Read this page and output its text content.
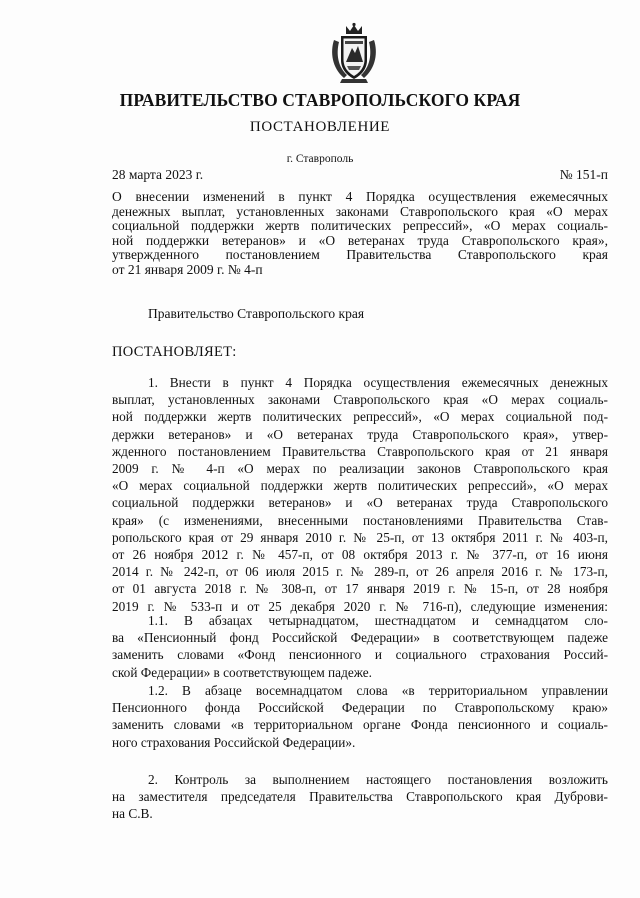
ПРАВИТЕЛЬСТВО СТАВРОПОЛЬСКОГО КРАЯ
ПОСТАНОВЛЕНИЕ
г. Ставрополь
28 марта 2023 г.	№ 151-п
О внесении изменений в пункт 4 Порядка осуществления ежемесячных
денежных выплат, установленных законами Ставропольского края «О мерах
социальной поддержки жертв политических репрессий», «О мерах социаль-
ной поддержки ветеранов» и «О ветеранах труда Ставропольского края»,
утвержденного постановлением Правительства Ставропольского края
от 21 января 2009 г. № 4-п
Правительство Ставропольского края
ПОСТАНОВЛЯЕТ:
1. Внести в пункт 4 Порядка осуществления ежемесячных денежных
выплат, установленных законами Ставропольского края «О мерах социаль-
ной поддержки жертв политических репрессий», «О мерах социальной под-
держки ветеранов» и «О ветеранах труда Ставропольского края», утвер-
жденного постановлением Правительства Ставропольского края от 21 января
2009 г. № 4-п «О мерах по реализации законов Ставропольского края
«О мерах социальной поддержки жертв политических репрессий», «О мерах
социальной поддержки ветеранов» и «О ветеранах труда Ставропольского
края» (с изменениями, внесенными постановлениями Правительства Став-
ропольского края от 29 января 2010 г. № 25-п, от 13 октября 2011 г. № 403-п,
от 26 ноября 2012 г. № 457-п, от 08 октября 2013 г. № 377-п, от 16 июня
2014 г. № 242-п, от 06 июля 2015 г. № 289-п, от 26 апреля 2016 г. № 173-п,
от 01 августа 2018 г. № 308-п, от 17 января 2019 г. № 15-п, от 28 ноября
2019 г. № 533-п и от 25 декабря 2020 г. № 716-п), следующие изменения:
1.1. В абзацах четырнадцатом, шестнадцатом и семнадцатом сло-
ва «Пенсионный фонд Российской Федерации» в соответствующем падеже
заменить словами «Фонд пенсионного и социального страхования Россий-
ской Федерации» в соответствующем падеже.
1.2. В абзаце восемнадцатом слова «в территориальном управлении
Пенсионного фонда Российской Федерации по Ставропольскому краю»
заменить словами «в территориальном органе Фонда пенсионного и социаль-
ного страхования Российской Федерации».
2. Контроль за выполнением настоящего постановления возложить
на заместителя председателя Правительства Ставропольского края Дуброви-
на С.В.
